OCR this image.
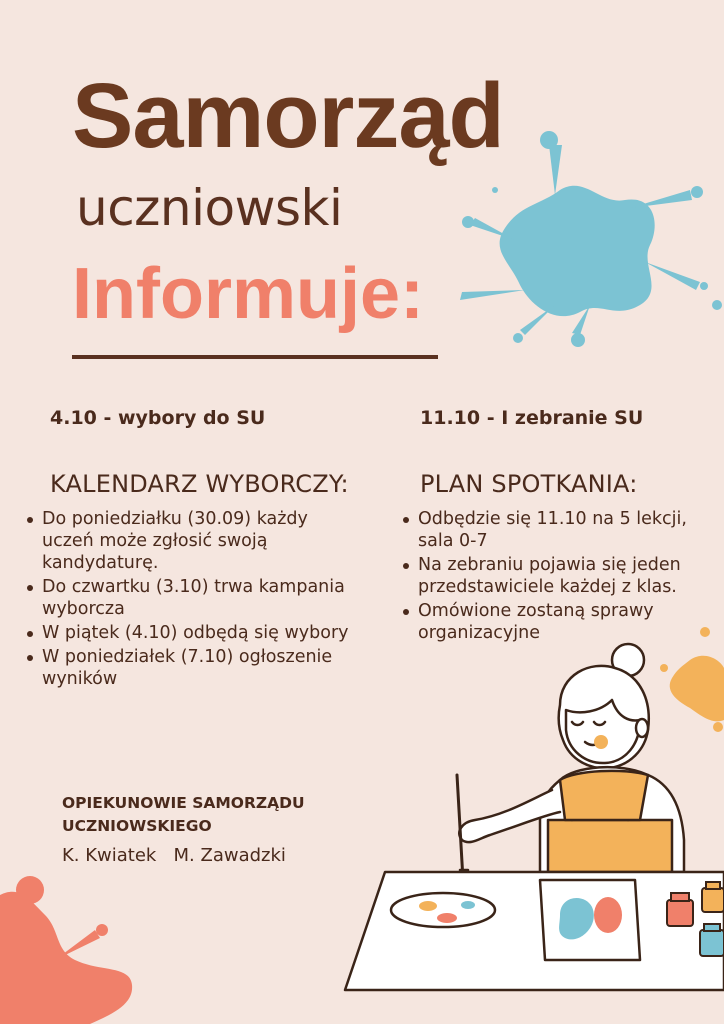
Samorząd
uczniowski
Informuje:
4.10 - wybory do SU	11.10 - I zebranie SU
KALENDARZ WYBORCZY:	PLAN SPOTKANIA:
Do poniedziałku (30.09) każdy uczeń może zgłosić swoją kandydaturę.
Do czwartku (3.10) trwa kampania wyborcza
W piątek (4.10) odbędą się wybory
W poniedziałek (7.10) ogłoszenie wyników
Odbędzie się 11.10 na 5 lekcji, sala 0-7
Na zebraniu pojawia się jeden przedstawiciele każdej z klas.
Omówione zostaną sprawy organizacyjne
OPIEKUNOWIE SAMORZĄDU UCZNIOWSKIEGO
K. Kwiatek   M. Zawadzki
